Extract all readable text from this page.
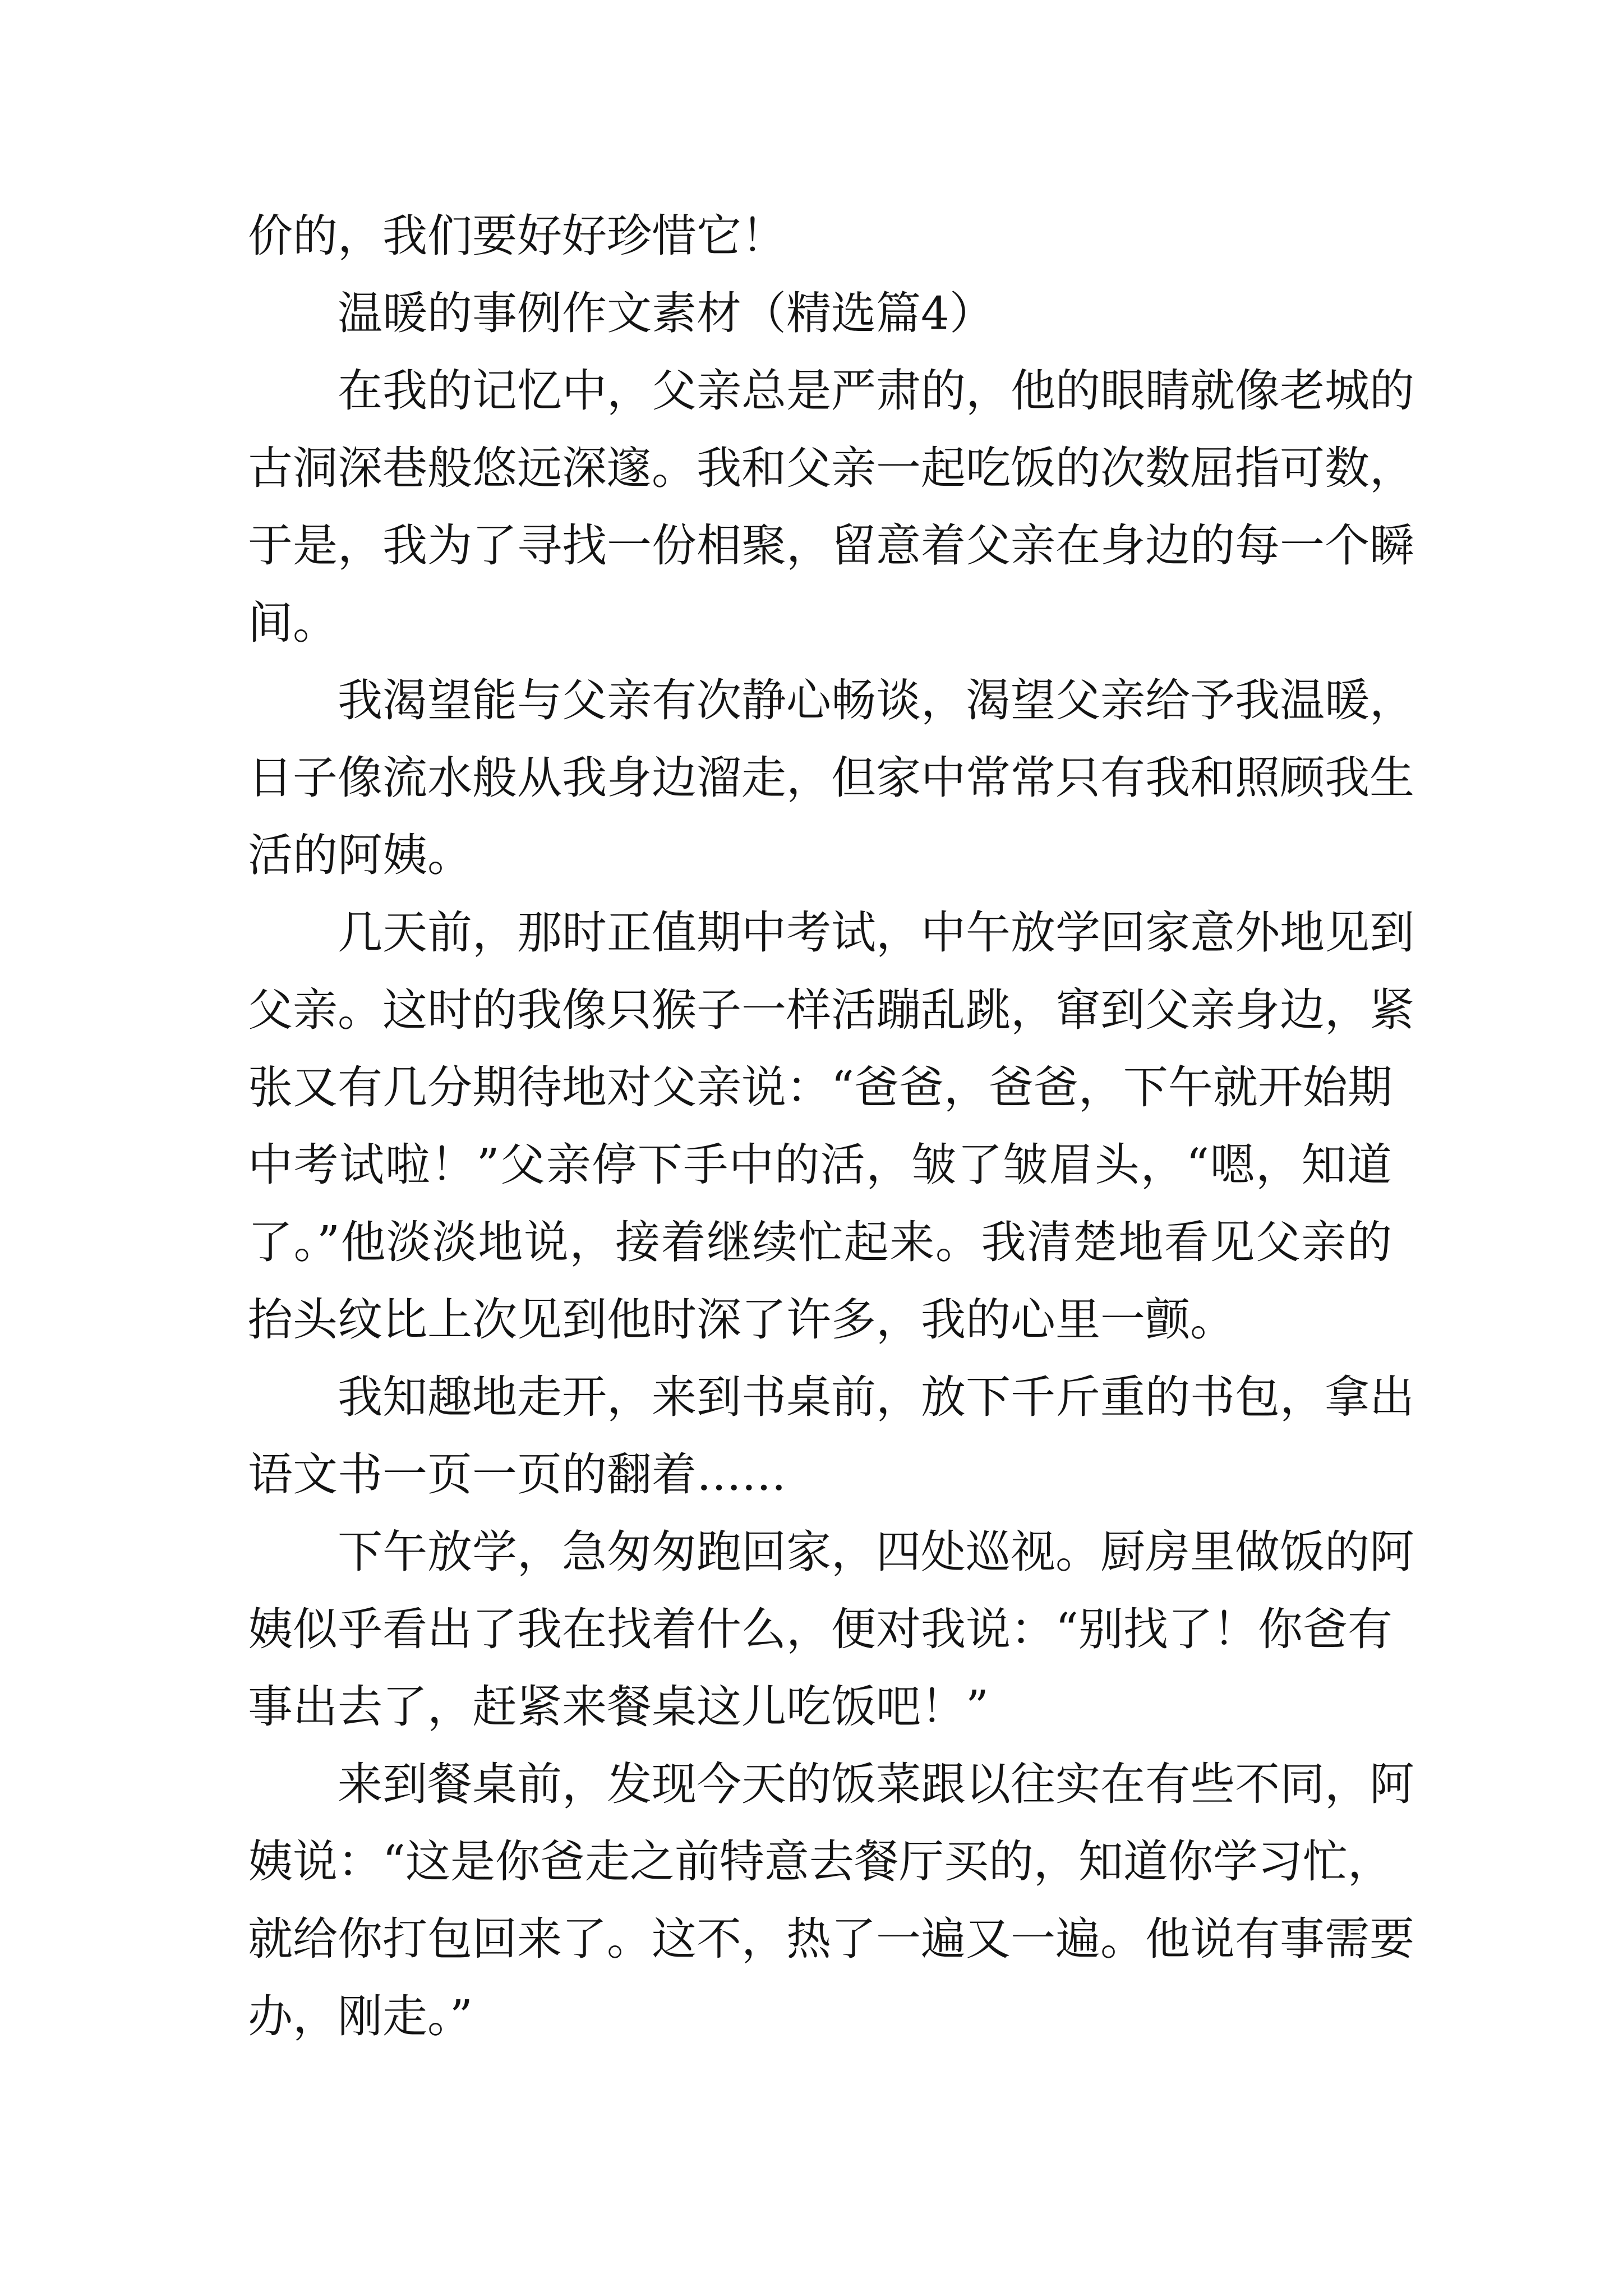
价的，我们要好好珍惜它！
温暖的事例作文素材（精选篇4）
在我的记忆中，父亲总是严肃的，他的眼睛就像老城的
古洞深巷般悠远深邃。我和父亲一起吃饭的次数屈指可数，
于是，我为了寻找一份相聚，留意着父亲在身边的每一个瞬
间。
我渴望能与父亲有次静心畅谈，渴望父亲给予我温暖，
日子像流水般从我身边溜走，但家中常常只有我和照顾我生
活的阿姨。
几天前，那时正值期中考试，中午放学回家意外地见到
父亲。这时的我像只猴子一样活蹦乱跳，窜到父亲身边，紧
张又有几分期待地对父亲说：“爸爸，爸爸，下午就开始期
中考试啦！”父亲停下手中的活，皱了皱眉头，“嗯，知道
了。”他淡淡地说，接着继续忙起来。我清楚地看见父亲的
抬头纹比上次见到他时深了许多，我的心里一颤。
我知趣地走开，来到书桌前，放下千斤重的书包，拿出
语文书一页一页的翻着……
下午放学，急匆匆跑回家，四处巡视。厨房里做饭的阿
姨似乎看出了我在找着什么，便对我说：“别找了！你爸有
事出去了，赶紧来餐桌这儿吃饭吧！”
来到餐桌前，发现今天的饭菜跟以往实在有些不同，阿
姨说：“这是你爸走之前特意去餐厅买的，知道你学习忙，
就给你打包回来了。这不，热了一遍又一遍。他说有事需要
办，刚走。”
